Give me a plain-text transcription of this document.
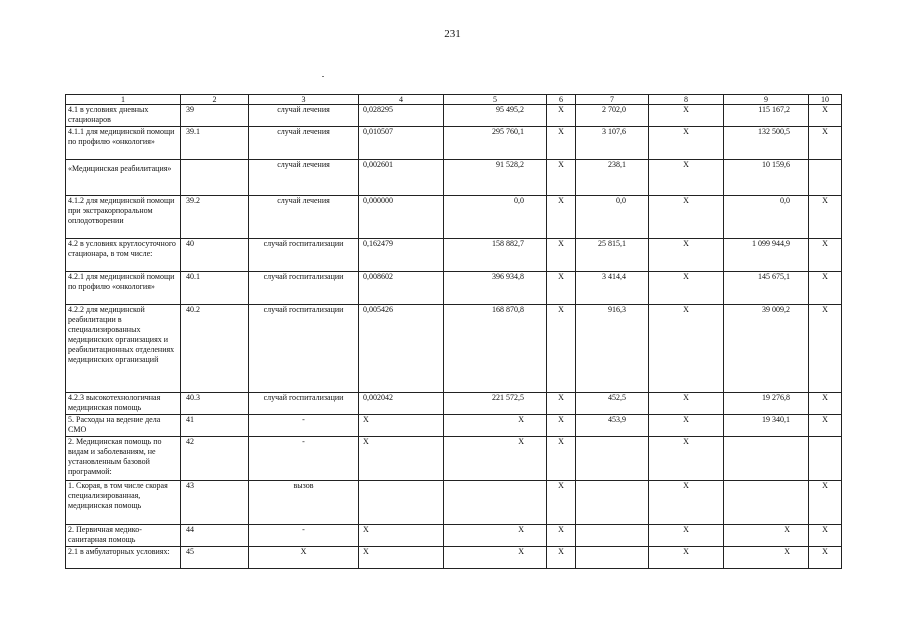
231
1	2	3	4	5	6	7	8	9	10
4.1 в условиях дневных стационаров	39	случай лечения	0,028295	95 495,2	Х	2 702,0	Х	115 167,2	Х
4.1.1 для медицинской помощи по профилю «онкология»	39.1	случай лечения	0,010507	295 760,1	Х	3 107,6	Х	132 500,5	Х
«Медицинская реабилитация»		случай лечения	0,002601	91 528,2	Х	238,1	Х	10 159,6	
4.1.2 для медицинской помощи при экстракорпоральном оплодотворении	39.2	случай лечения	0,000000	0,0	Х	0,0	Х	0,0	Х
4.2 в условиях круглосуточного стационара, в том числе:	40	случай госпитализации	0,162479	158 882,7	Х	25 815,1	Х	1 099 944,9	Х
4.2.1 для медицинской помощи по профилю «онкология»	40.1	случай госпитализации	0,008602	396 934,8	Х	3 414,4	Х	145 675,1	Х
4.2.2 для медицинской реабилитации в специализированных медицинских организациях и реабилитационных отделениях медицинских организаций	40.2	случай госпитализации	0,005426	168 870,8	Х	916,3	Х	39 009,2	Х
4.2.3 высокотехнологичная медицинская помощь	40.3	случай госпитализации	0,002042	221 572,5	Х	452,5	Х	19 276,8	Х
5. Расходы на ведение дела СМО	41	-	Х	Х	Х	453,9	Х	19 340,1	Х
2. Медицинская помощь по видам и заболеваниям, не установленным базовой программой:	42	-	Х	Х	Х		Х		
1. Скорая, в том числе скорая специализированная, медицинская помощь	43	вызов			Х		Х		Х
2. Первичная медико-санитарная помощь	44	-	Х	Х	Х		Х	Х	Х
2.1 в амбулаторных условиях:	45	Х	Х	Х	Х		Х	Х	Х
